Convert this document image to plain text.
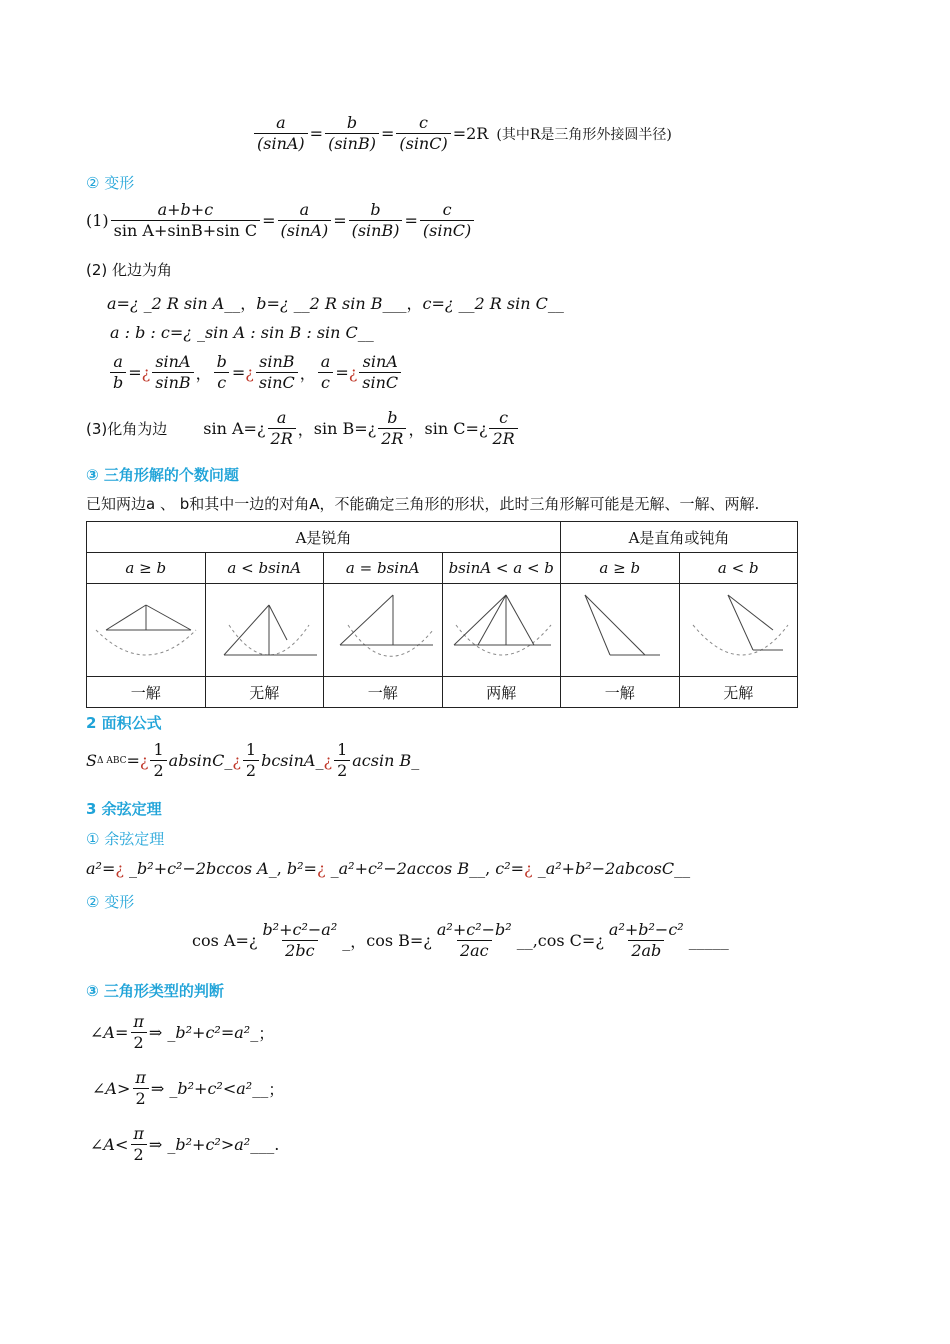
$\frac{a}{(\sin A)} = \frac{b}{(\sin B)} = \frac{c}{(\sin C)} =2R$ (其中R是三角形外接圆半径)
② 变形
$(1) \frac{a+b+c}{\text{sin A+sinB+sin C}} = \frac{a}{(\sin A)} = \frac{b}{(\sin B)} = \frac{c}{(\sin C)}$
(2) 化边为角
a=¿ _2 R sin A__，b=¿ __2 R sin B___，c=¿ __2 R sin C__
a : b : c=¿ _sin A : sin B : sin C__
$\frac{a}{b}$ = ¿ $\frac{\sin A}{\sin B}$ ， $\frac{b}{c}$ = ¿ $\frac{\sin B}{\sin C}$ ， $\frac{a}{c}$ = ¿ $\frac{\sin A}{\sin C}$
(3)化角为边 sin A=¿ $\frac{a}{2R}$ ， sin B=¿ $\frac{b}{2R}$ ， sin C=¿ $\frac{c}{2R}$
③ 三角形解的个数问题
已知两边a 、 b和其中一边的对角A，不能确定三角形的形状，此时三角形解可能是无解、一解、两解.
A是锐角				A是直角或钝角	
a ≥ b	a < bsinA	a = bsinA	bsinA < a < b	a ≥ b	a < b

一解	无解	一解	两解	一解	无解
2 面积公式
S Δ ABC = ¿ $\frac{1}{2}$ absinC _ ¿ $\frac{1}{2}$ bcsinA _ ¿ $\frac{1}{2}$ acsin B _
3 余弦定理
① 余弦定理
a²=¿ _b²+c²−2bccos A_, b²=¿ _a²+c²−2accos B__, c²=¿ _a²+b²−2abcosC__
② 变形
cos A=¿ $\frac{\text{b²+c²−a²}}{2bc}$ _， cos B=¿ $\frac{\text{a²+c²−b²}}{2ac}$ __, cos C=¿ $\frac{\text{a²+b²−c²}}{2ab}$ _____
③ 三角形类型的判断
∠ $A = \frac{\pi}{2}$ ⇒ _ b²+c²=a² _ ；
∠ $A > \frac{\pi}{2}$ ⇒ _ b²+c²<a² __ ；
∠ $A < \frac{\pi}{2}$ ⇒ _ b²+c²>a² ___ .
